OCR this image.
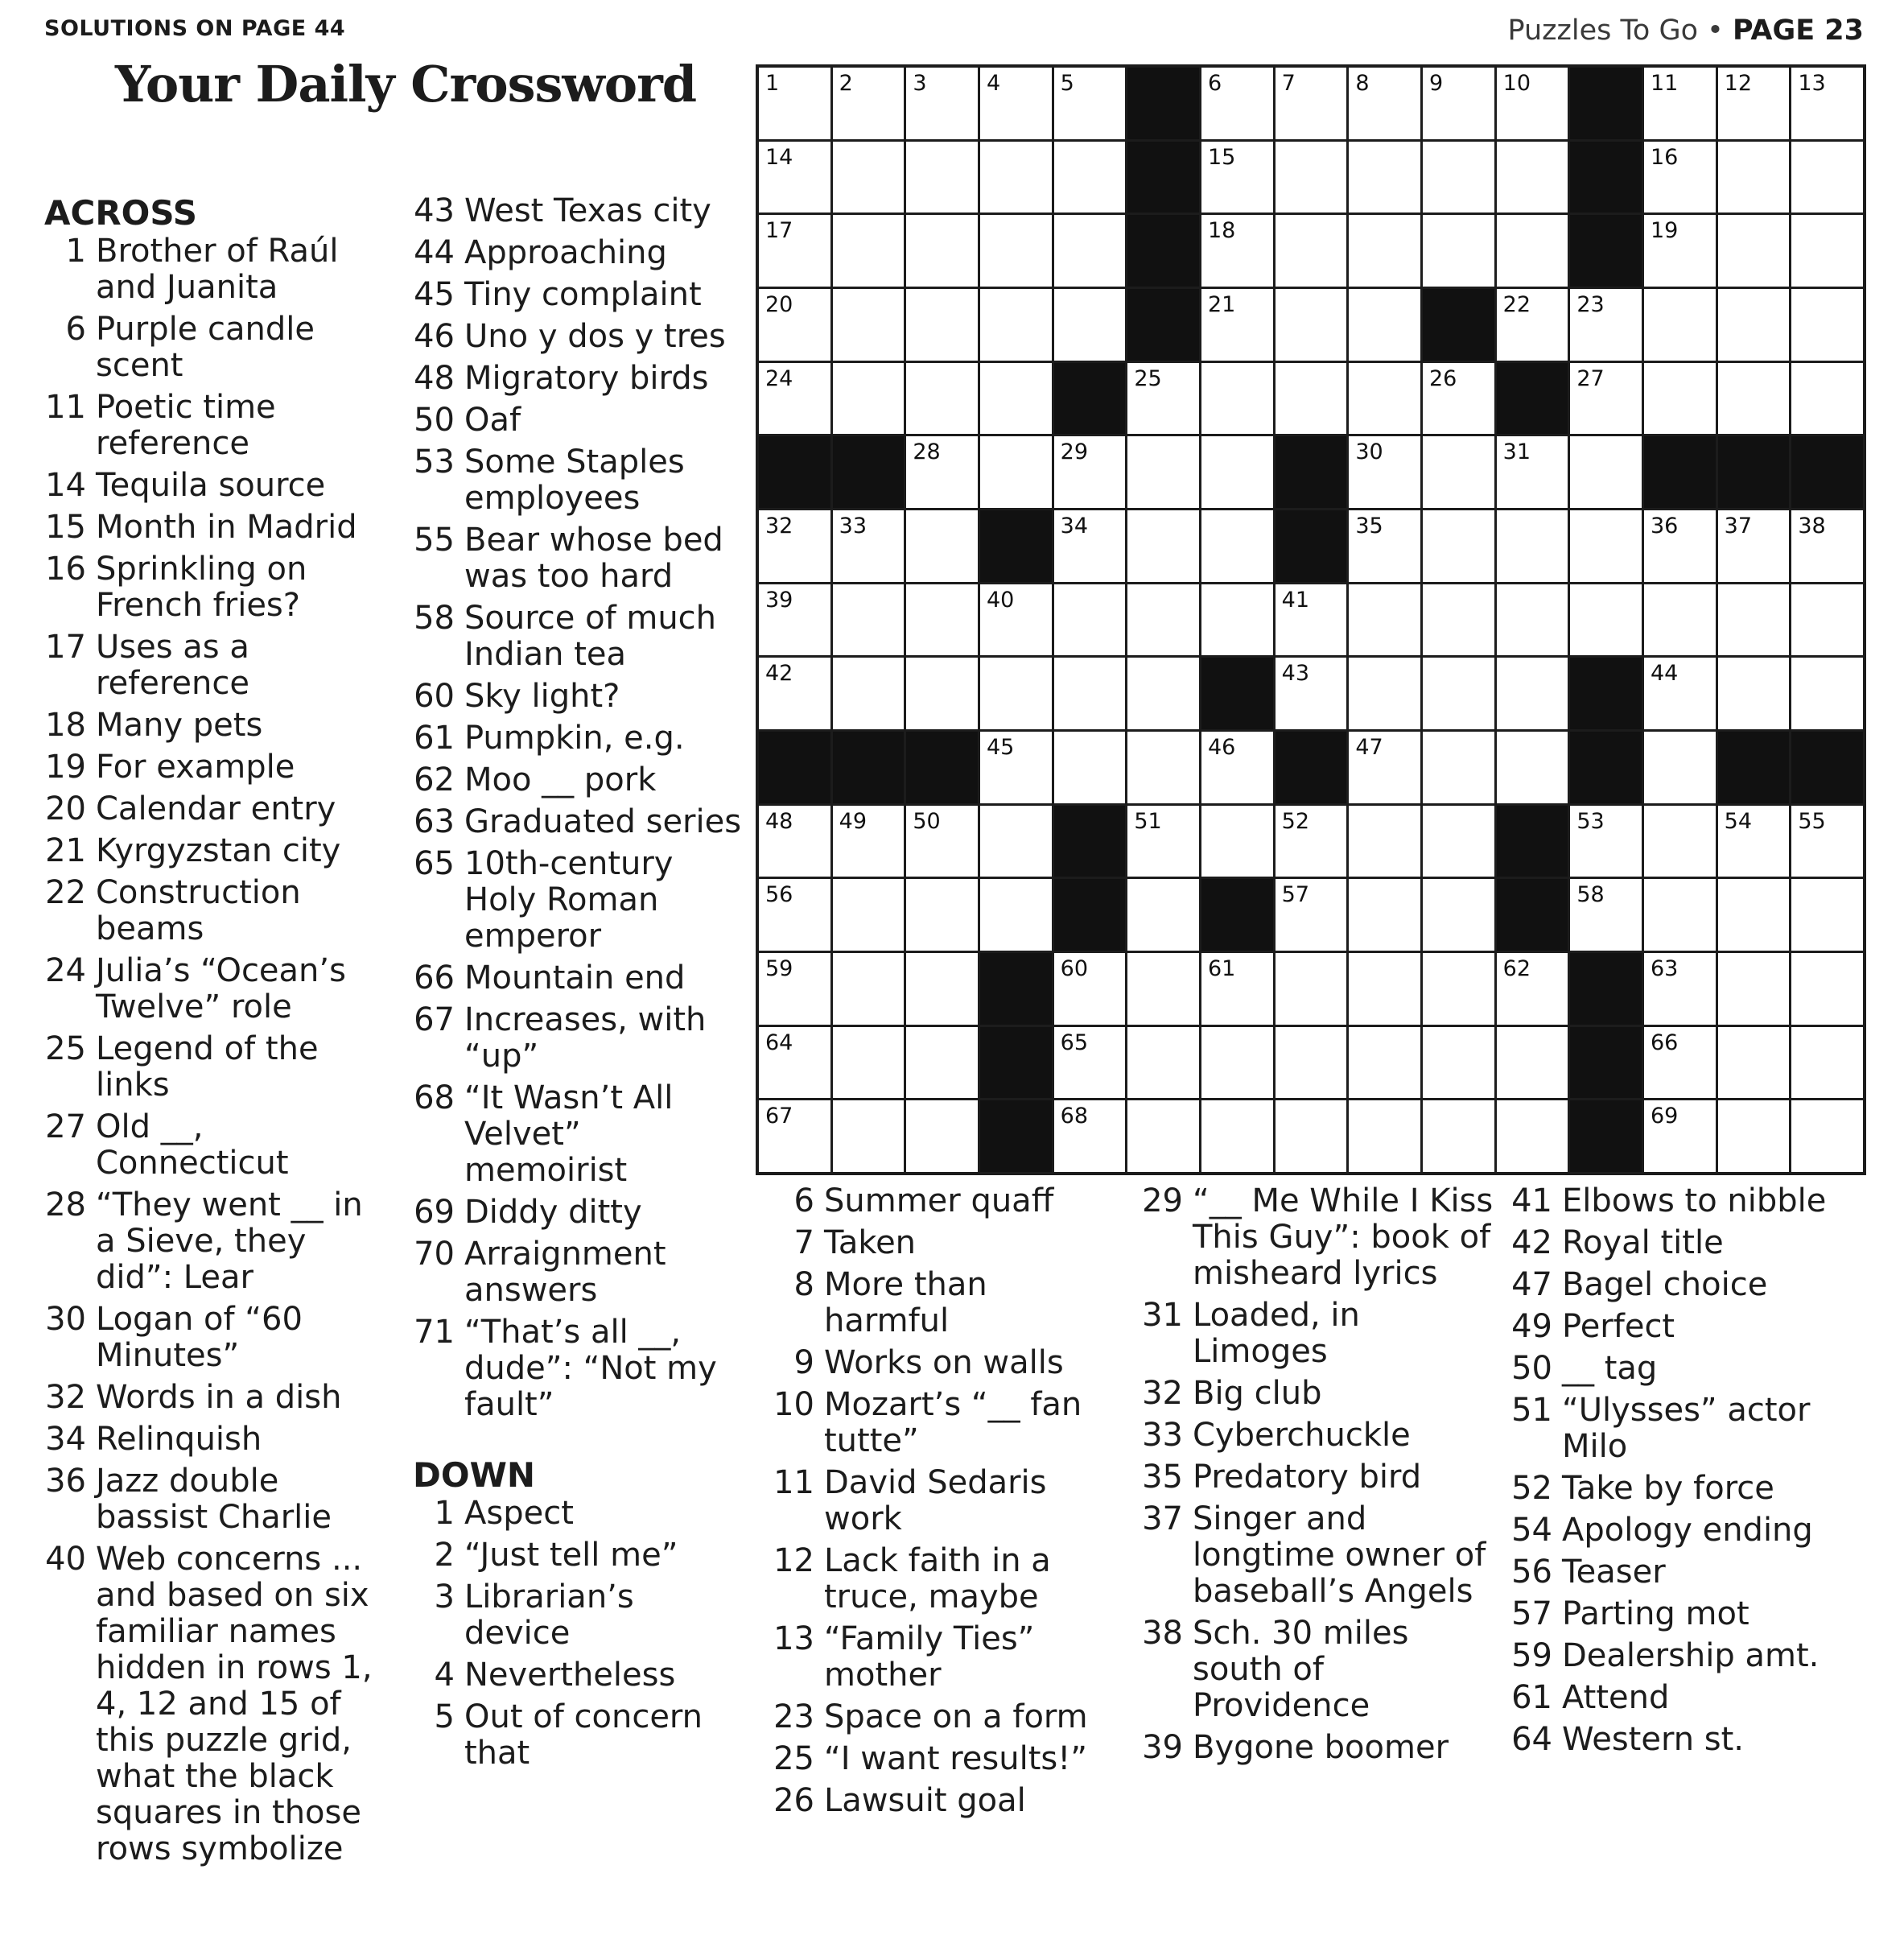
SOLUTIONS ON PAGE 44	Puzzles To Go • PAGE 23
Your Daily Crossword
ACROSS
1 Brother of Raúl and Juanita
6 Purple candle scent
11 Poetic time reference
14 Tequila source
15 Month in Madrid
16 Sprinkling on French fries?
17 Uses as a reference
18 Many pets
19 For example
20 Calendar entry
21 Kyrgyzstan city
22 Construction beams
24 Julia’s “Ocean’s Twelve” role
25 Legend of the links
27 Old __, Connecticut
28 “They went __ in a Sieve, they did”: Lear
30 Logan of “60 Minutes”
32 Words in a dish
34 Relinquish
36 Jazz double bassist Charlie
40 Web concerns ... and based on six familiar names hidden in rows 1, 4, 12 and 15 of this puzzle grid, what the black squares in those rows symbolize
43 West Texas city
44 Approaching
45 Tiny complaint
46 Uno y dos y tres
48 Migratory birds
50 Oaf
53 Some Staples employees
55 Bear whose bed was too hard
58 Source of much Indian tea
60 Sky light?
61 Pumpkin, e.g.
62 Moo __ pork
63 Graduated series
65 10th-century Holy Roman emperor
66 Mountain end
67 Increases, with “up”
68 “It Wasn’t All Velvet” memoirist
69 Diddy ditty
70 Arraignment answers
71 “That’s all __, dude”: “Not my fault”
DOWN
1 Aspect
2 “Just tell me”
3 Librarian’s device
4 Nevertheless
5 Out of concern that
6 Summer quaff
7 Taken
8 More than harmful
9 Works on walls
10 Mozart’s “__ fan tutte”
11 David Sedaris work
12 Lack faith in a truce, maybe
13 “Family Ties” mother
23 Space on a form
25 “I want results!”
26 Lawsuit goal
29 “__ Me While I Kiss This Guy”: book of misheard lyrics
31 Loaded, in Limoges
32 Big club
33 Cyberchuckle
35 Predatory bird
37 Singer and longtime owner of baseball’s Angels
38 Sch. 30 miles south of Providence
39 Bygone boomer
41 Elbows to nibble
42 Royal title
47 Bagel choice
49 Perfect
50 __ tag
51 “Ulysses” actor Milo
52 Take by force
54 Apology ending
56 Teaser
57 Parting mot
59 Dealership amt.
61 Attend
64 Western st.
1	2	3	4	5	6	7	8	9	10	11 12 13
14	15	16
17	18	19
20	21	22 23
24	25	26	27
28	29	30	31
32 33	34	35	36 37 38
39	40	41
42	43	44
45	46	47
48 49 50	51	52	53	54 55
56	57	58
59	60	61	62	63
64	65	66
67	68	69
